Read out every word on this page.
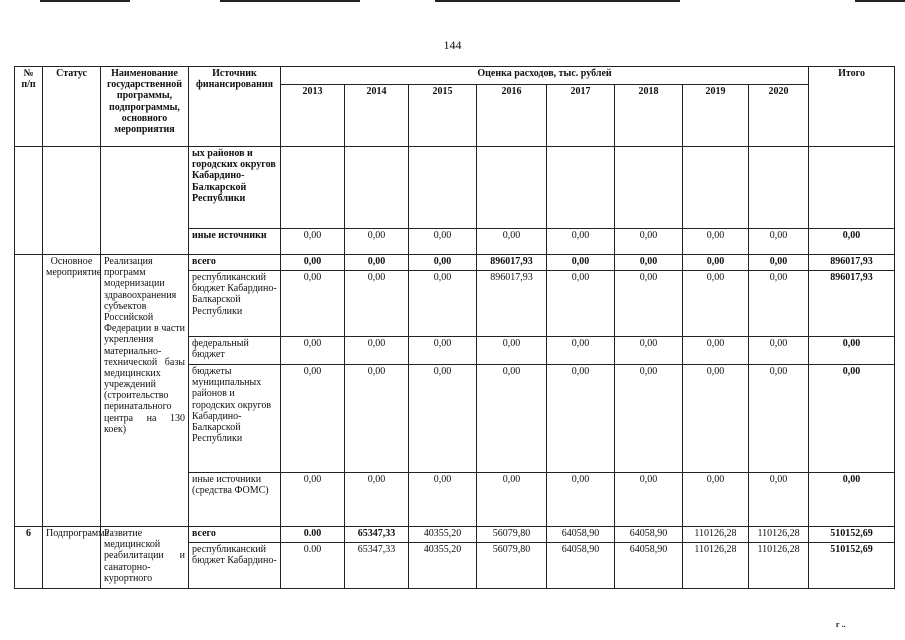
144
№ п/п	Статус	Наименование государственной программы, подпрограммы, основного мероприятия	Источник финансирования	Оценка расходов, тыс. рублей								Итого
				2013	2014	2015	2016	2017	2018	2019	2020	
			ых районов и городских округов Кабардино-Балкарской Республики									
			иные источники	0,00	0,00	0,00	0,00	0,00	0,00	0,00	0,00	0,00
	Основное мероприятие	Реализация программ модернизации здравоохранения субъектов Российской Федерации в части укрепления материально-технической базы медицинских учреждений (строительство перинатального центра на 130 коек)	всего	0,00	0,00	0,00	896017,93	0,00	0,00	0,00	0,00	896017,93
			республиканский бюджет Кабардино-Балкарской Республики	0,00	0,00	0,00	896017,93	0,00	0,00	0,00	0,00	896017,93
			федеральный бюджет	0,00	0,00	0,00	0,00	0,00	0,00	0,00	0,00	0,00
			бюджеты муниципальных районов и городских округов Кабардино-Балкарской Республики	0,00	0,00	0,00	0,00	0,00	0,00	0,00	0,00	0,00
			иные источники (средства ФОМС)	0,00	0,00	0,00	0,00	0,00	0,00	0,00	0,00	0,00
6	Подпрограмма	Развитие медицинской реабилитации и санаторно-курортного	всего	0.00	65347,33	40355,20	56079,80	64058,90	64058,90	110126,28	110126,28	510152,69
			республиканский бюджет Кабардино-	0.00	65347,33	40355,20	56079,80	64058,90	64058,90	110126,28	110126,28	510152,69
г ..
